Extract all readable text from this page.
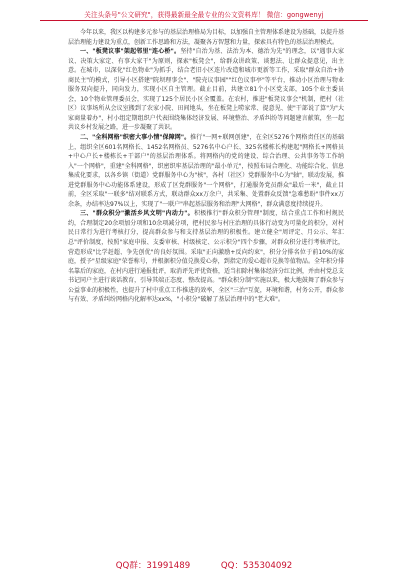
关注头条号"公文研究"，获得最新最全最专业的公文资料库！ 微信：gongwenyj

今年以来，我区以构建多元参与的基层治理格局为目标，以加强自主管理体系建设为基础，以提升基层治理能力建设为重点，创新工作思路和方法，凝聚各方智慧和力量，探索具有特色的基层治理模式。

一、"板凳议事"架起邻里"连心桥"。坚持"自治为基、法治为本、德治为先"的理念，以"遇事大家议、决策大家定、有事大家干"为原则，探索"板凳会"，给群众讲政策、谈想法、让群众提意见，出主意。在城市，以深化"红色物业"为抓手，结合老旧小区连片改造和城市更新等工作，采取"群众自治+协商民主"的模式，引导小区搭建"院坝理事会"、"院壳议事园""红色议事亭"等平台，推动小区治理与物业服务双向提升，同向发力，实现小区自主管理。截止目前，共建立81个小区党支部，105个业主委员会，10个物业管理委员会，实现了125个居民小区全覆盖。在农村，推进"板凳议事会"机制，把村（社区）议事场所从会议室搬到了农家小院、田间地头，坐在板凳上唠家常、提意见、使"干部说了算"为"大家商量着办"，村小组定期组织户代表围绕集体经济发展、环境整治、矛盾纠纷等问题建言献策，坐一起共议乡村发展之路，进一步凝聚了共识。

二、"全科网格"织密大事小情"保障网"。推行"一网+联网创建"，在全区5276个网格责任区的基础上，组织全区601名网格长、1452名网格员、5276名中心户长、325名楼栋长构建起"网格长+网格员+中心户长+楼栋长+干部户"的基层治理体系。将网格内的党的建设、综合治理、公共事务等工作纳入"一个网格"，重建"全科网格"，织密织牢基层治理的"最小单元"，按照布局合理化、功能综合化、信息集成化要求，以各乡镇（街道）党群服务中心为"核"，各村（社区）党群服务中心为"轴"，联动发展，推进党群服务中心功能体系建设，形成了区党群服务"一个网格"，打通服务党员群众"最后一米"，截止目前，全区采取"一联多"结对联系方式，联动群众xx万余户，共采集、处置群众反馈"急难愁盼"事件xx万余条，办结率达97%以上，实现了"一联户"串起基层服务和治理"大网格"，群众满意度持续提升。

三、"群众积分"激活乡风文明"内动力"。积极推行"群众积分管理"制度，结合重点工作和村规民约，合理制定20余项加分项和10余项减分项，把村民参与村庄治理的具体行动变为可量化的积分，对村民日常行为进行考核打分，提高群众参与和支持基层治理的积极性。建立健全"周评定、月公示、年汇总"评价制度，按照"家庭申报、支委审核、村级核定、公示积分"四个步骤，对群众积分进行考核评比，营造形成"比学赶超、争先创优"的良好氛围。采取"正向激励+反向约束"，积分分排名位于前10%的家庭，授予"星级家庭"荣誉称号，并根据积分值兑换爱心券，到指定的爱心超市兑换等值物品。全年积分排名靠后的家庭，在村内进行通报批评，取消评先评优资格，适当扣除村集体经济分红比例，并由村党总支书记同户主进行谈话教育，引导其端正态度、整改提高。"群众积分制"实施以来，极大地鼓舞了群众参与公益事业的积极性，也提升了村中重点工作推进的效率，全区"三治"互促，环境和谐，村务公开，群众参与有效、矛盾纠纷网格内化解率达xx%，"小积分"破解了基层治理中的"老大难"。

QQ群：31991489	QQ：535304092
